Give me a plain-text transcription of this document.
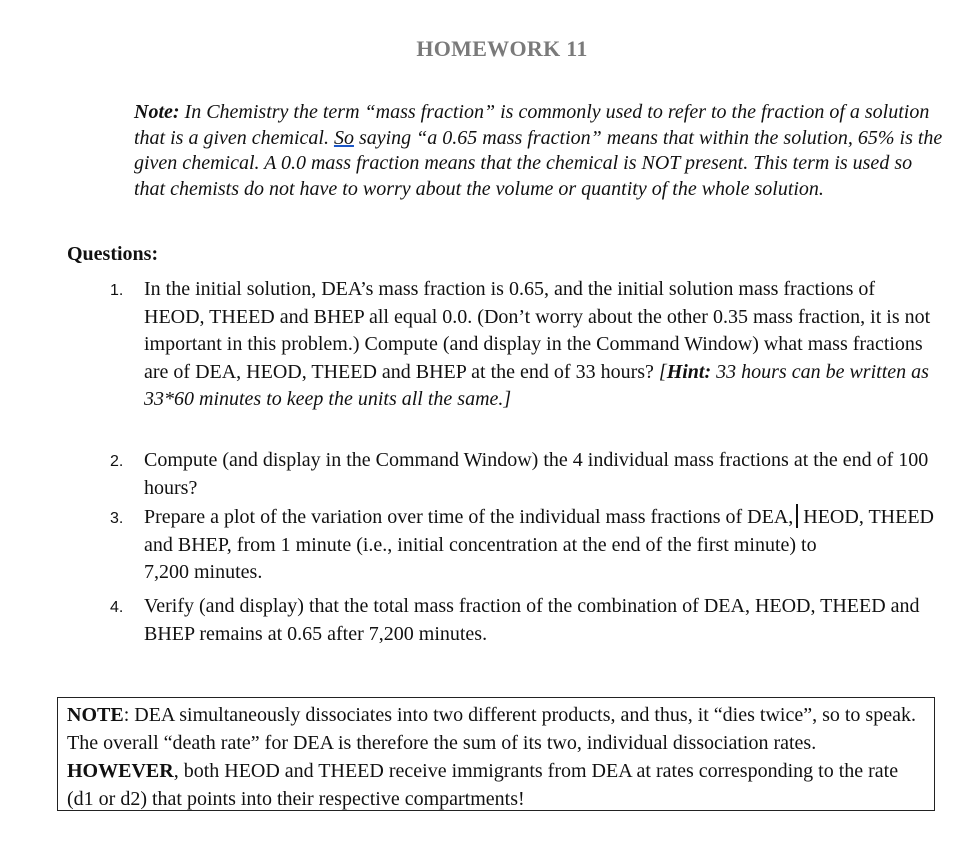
HOMEWORK 11
Note: In Chemistry the term “mass fraction” is commonly used to refer to the fraction of a solution that is a given chemical. So saying “a 0.65 mass fraction” means that within the solution, 65% is the given chemical. A 0.0 mass fraction means that the chemical is NOT present. This term is used so that chemists do not have to worry about the volume or quantity of the whole solution.
Questions:
1. In the initial solution, DEA’s mass fraction is 0.65, and the initial solution mass fractions of HEOD, THEED and BHEP all equal 0.0. (Don’t worry about the other 0.35 mass fraction, it is not important in this problem.) Compute (and display in the Command Window) what mass fractions are of DEA, HEOD, THEED and BHEP at the end of 33 hours? [Hint: 33 hours can be written as 33*60 minutes to keep the units all the same.]
2. Compute (and display in the Command Window) the 4 individual mass fractions at the end of 100 hours?
3. Prepare a plot of the variation over time of the individual mass fractions of DEA, HEOD, THEED and BHEP, from 1 minute (i.e., initial concentration at the end of the first minute) to 7,200 minutes.
4. Verify (and display) that the total mass fraction of the combination of DEA, HEOD, THEED and BHEP remains at 0.65 after 7,200 minutes.
NOTE: DEA simultaneously dissociates into two different products, and thus, it “dies twice”, so to speak. The overall “death rate” for DEA is therefore the sum of its two, individual dissociation rates. HOWEVER, both HEOD and THEED receive immigrants from DEA at rates corresponding to the rate (d1 or d2) that points into their respective compartments!
